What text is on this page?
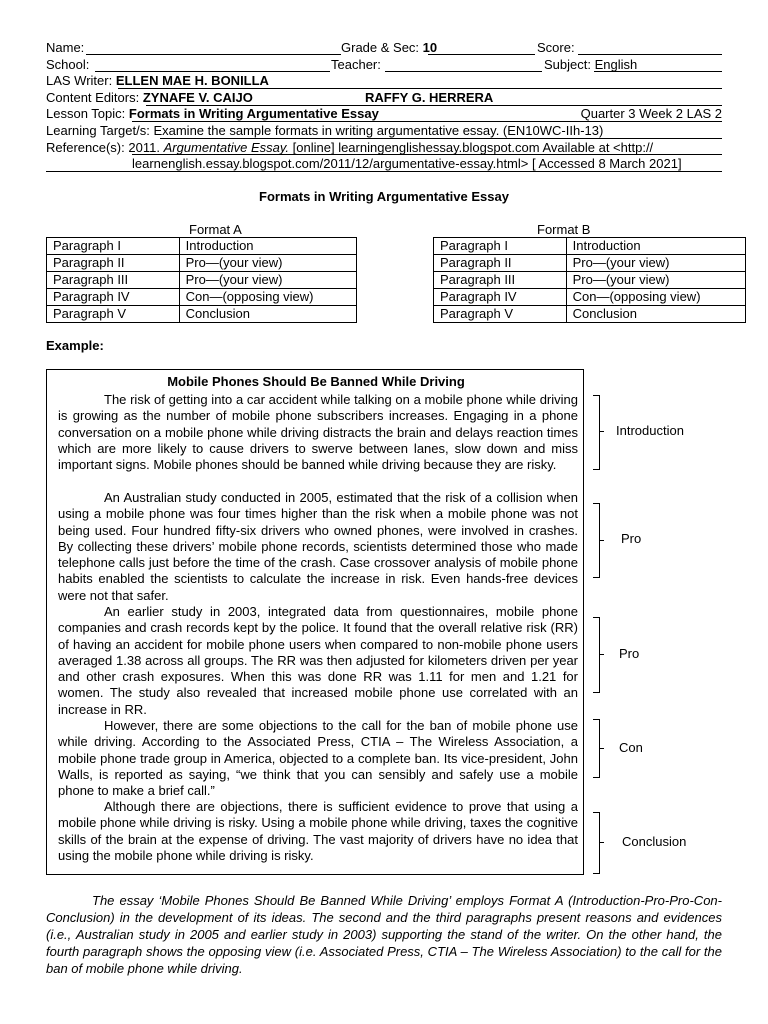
Name:	Grade & Sec: 10	Score:
School:	Teacher:	Subject: English
LAS Writer: ELLEN MAE H. BONILLA
Content Editors: ZYNAFE V. CAIJO	RAFFY G. HERRERA
Lesson Topic: Formats in Writing Argumentative Essay	Quarter 3 Week 2 LAS 2
Learning Target/s: Examine the sample formats in writing argumentative essay. (EN10WC-IIh-13)
Reference(s): 2011. Argumentative Essay. [online] learningenglishessay.blogspot.com Available at <http://
learnenglish.essay.blogspot.com/2011/12/argumentative-essay.html> [ Accessed 8 March 2021]
Formats in Writing Argumentative Essay
Format A
Paragraph I	Introduction
Paragraph II	Pro—(your view)
Paragraph III	Pro—(your view)
Paragraph IV	Con—(opposing view)
Paragraph V	Conclusion
Format B
Paragraph I	Introduction
Paragraph II	Pro—(your view)
Paragraph III	Pro—(your view)
Paragraph IV	Con—(opposing view)
Paragraph V	Conclusion
Example:
Mobile Phones Should Be Banned While Driving

The risk of getting into a car accident while talking on a mobile phone while driving is growing as the number of mobile phone subscribers increases. Engaging in a phone conversation on a mobile phone while driving distracts the brain and delays reaction times which are more likely to cause drivers to swerve between lanes, slow down and miss important signs. Mobile phones should be banned while driving because they are risky.

An Australian study conducted in 2005, estimated that the risk of a collision when using a mobile phone was four times higher than the risk when a mobile phone was not being used. Four hundred fifty-six drivers who owned phones, were involved in crashes. By collecting these drivers’ mobile phone records, scientists determined those who made telephone calls just before the time of the crash. Case crossover analysis of mobile phone habits enabled the scientists to calculate the increase in risk. Even hands-free devices were not that safer.

An earlier study in 2003, integrated data from questionnaires, mobile phone companies and crash records kept by the police. It found that the overall relative risk (RR) of having an accident for mobile phone users when compared to non-mobile phone users averaged 1.38 across all groups. The RR was then adjusted for kilometers driven per year and other crash exposures. When this was done RR was 1.11 for men and 1.21 for women. The study also revealed that increased mobile phone use correlated with an increase in RR.

However, there are some objections to the call for the ban of mobile phone use while driving. According to the Associated Press, CTIA – The Wireless Association, a mobile phone trade group in America, objected to a complete ban. Its vice-president, John Walls, is reported as saying, “we think that you can sensibly and safely use a mobile phone to make a brief call.”

Although there are objections, there is sufficient evidence to prove that using a mobile phone while driving is risky. Using a mobile phone while driving, taxes the cognitive skills of the brain at the expense of driving. The vast majority of drivers have no idea that using the mobile phone while driving is risky.

Introduction
Pro
Pro
Con
Conclusion

The essay ‘Mobile Phones Should Be Banned While Driving’ employs Format A (Introduction-Pro-Pro-Con-Conclusion) in the development of its ideas. The second and the third paragraphs present reasons and evidences (i.e., Australian study in 2005 and earlier study in 2003) supporting the stand of the writer. On the other hand, the fourth paragraph shows the opposing view (i.e. Associated Press, CTIA – The Wireless Association) to the call for the ban of mobile phone while driving.
